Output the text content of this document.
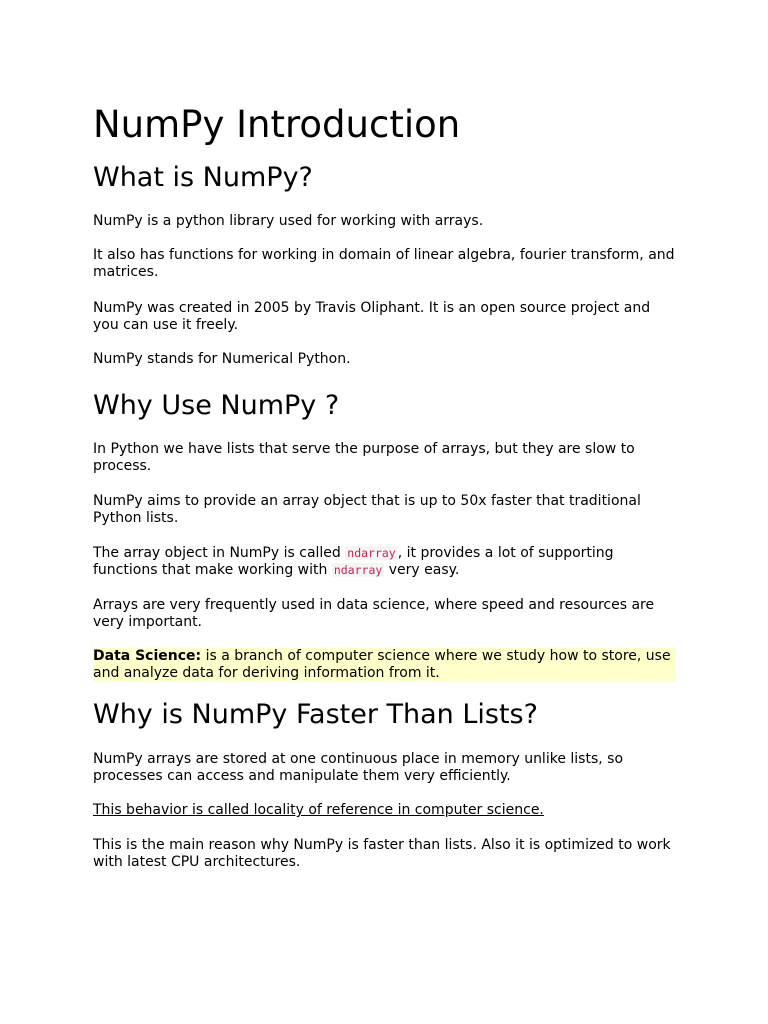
NumPy Introduction
What is NumPy?

NumPy is a python library used for working with arrays.

It also has functions for working in domain of linear algebra, fourier transform, and matrices.

NumPy was created in 2005 by Travis Oliphant. It is an open source project and you can use it freely.

NumPy stands for Numerical Python.

Why Use NumPy ?

In Python we have lists that serve the purpose of arrays, but they are slow to process.

NumPy aims to provide an array object that is up to 50x faster that traditional Python lists.

The array object in NumPy is called ndarray , it provides a lot of supporting functions that make working with ndarray very easy.

Arrays are very frequently used in data science, where speed and resources are very important.

Data Science: is a branch of computer science where we study how to store, use and analyze data for deriving information from it.

Why is NumPy Faster Than Lists?

NumPy arrays are stored at one continuous place in memory unlike lists, so processes can access and manipulate them very efficiently.

This behavior is called locality of reference in computer science.

This is the main reason why NumPy is faster than lists. Also it is optimized to work with latest CPU architectures.
